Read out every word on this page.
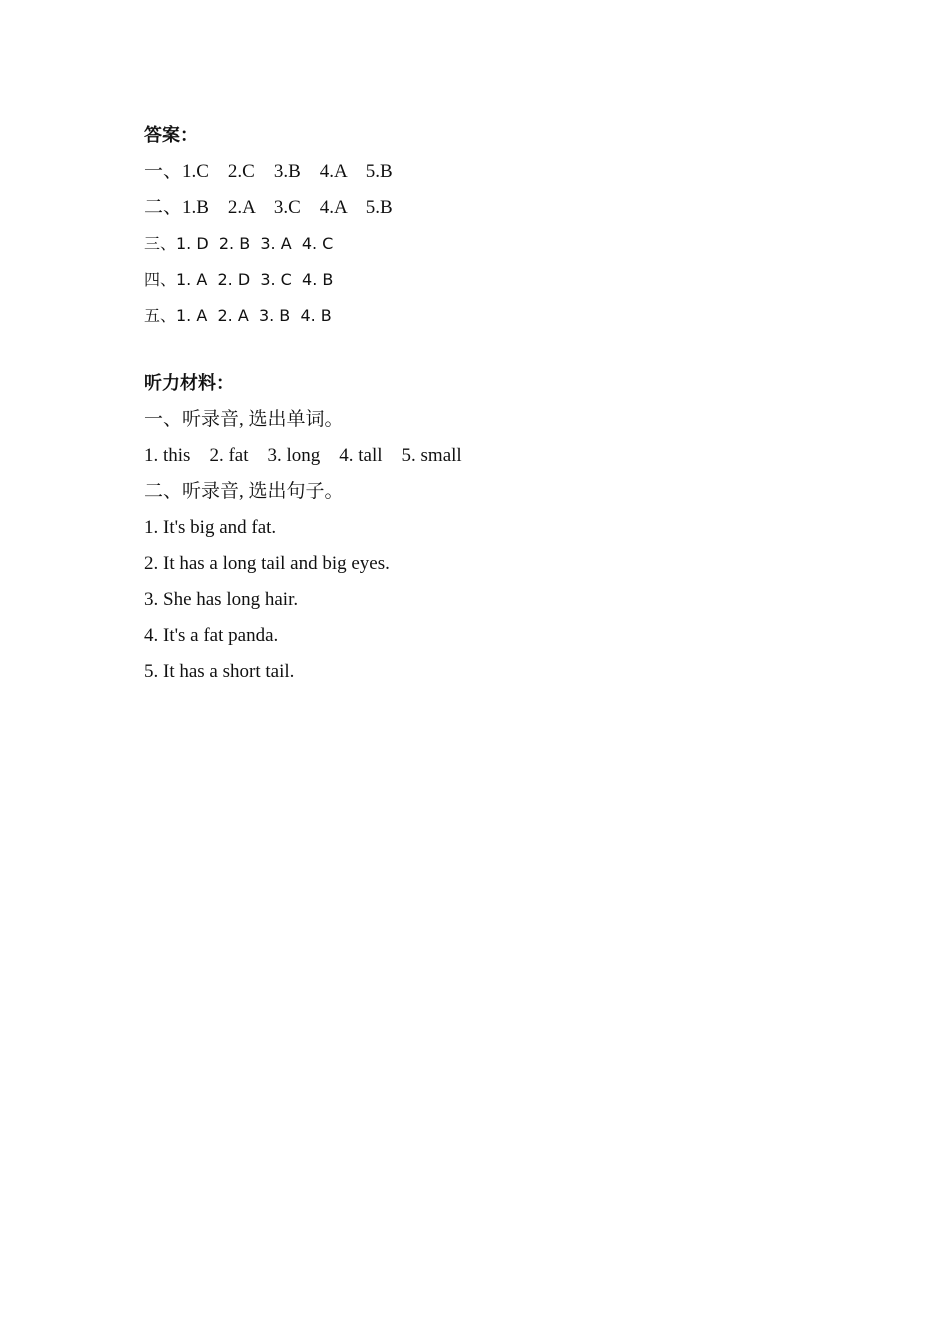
答案：
一、1.C    2.C    3.B    4.A    5.B
二、1.B    2.A    3.C    4.A    5.B
三、1. D  2. B  3. A  4. C
四、1. A  2. D  3. C  4. B
五、1. A  2. A  3. B  4. B
听力材料：
一、听录音, 选出单词。
1. this    2. fat    3. long    4. tall    5. small
二、听录音, 选出句子。
1. It's big and fat.
2. It has a long tail and big eyes.
3. She has long hair.
4. It's a fat panda.
5. It has a short tail.
